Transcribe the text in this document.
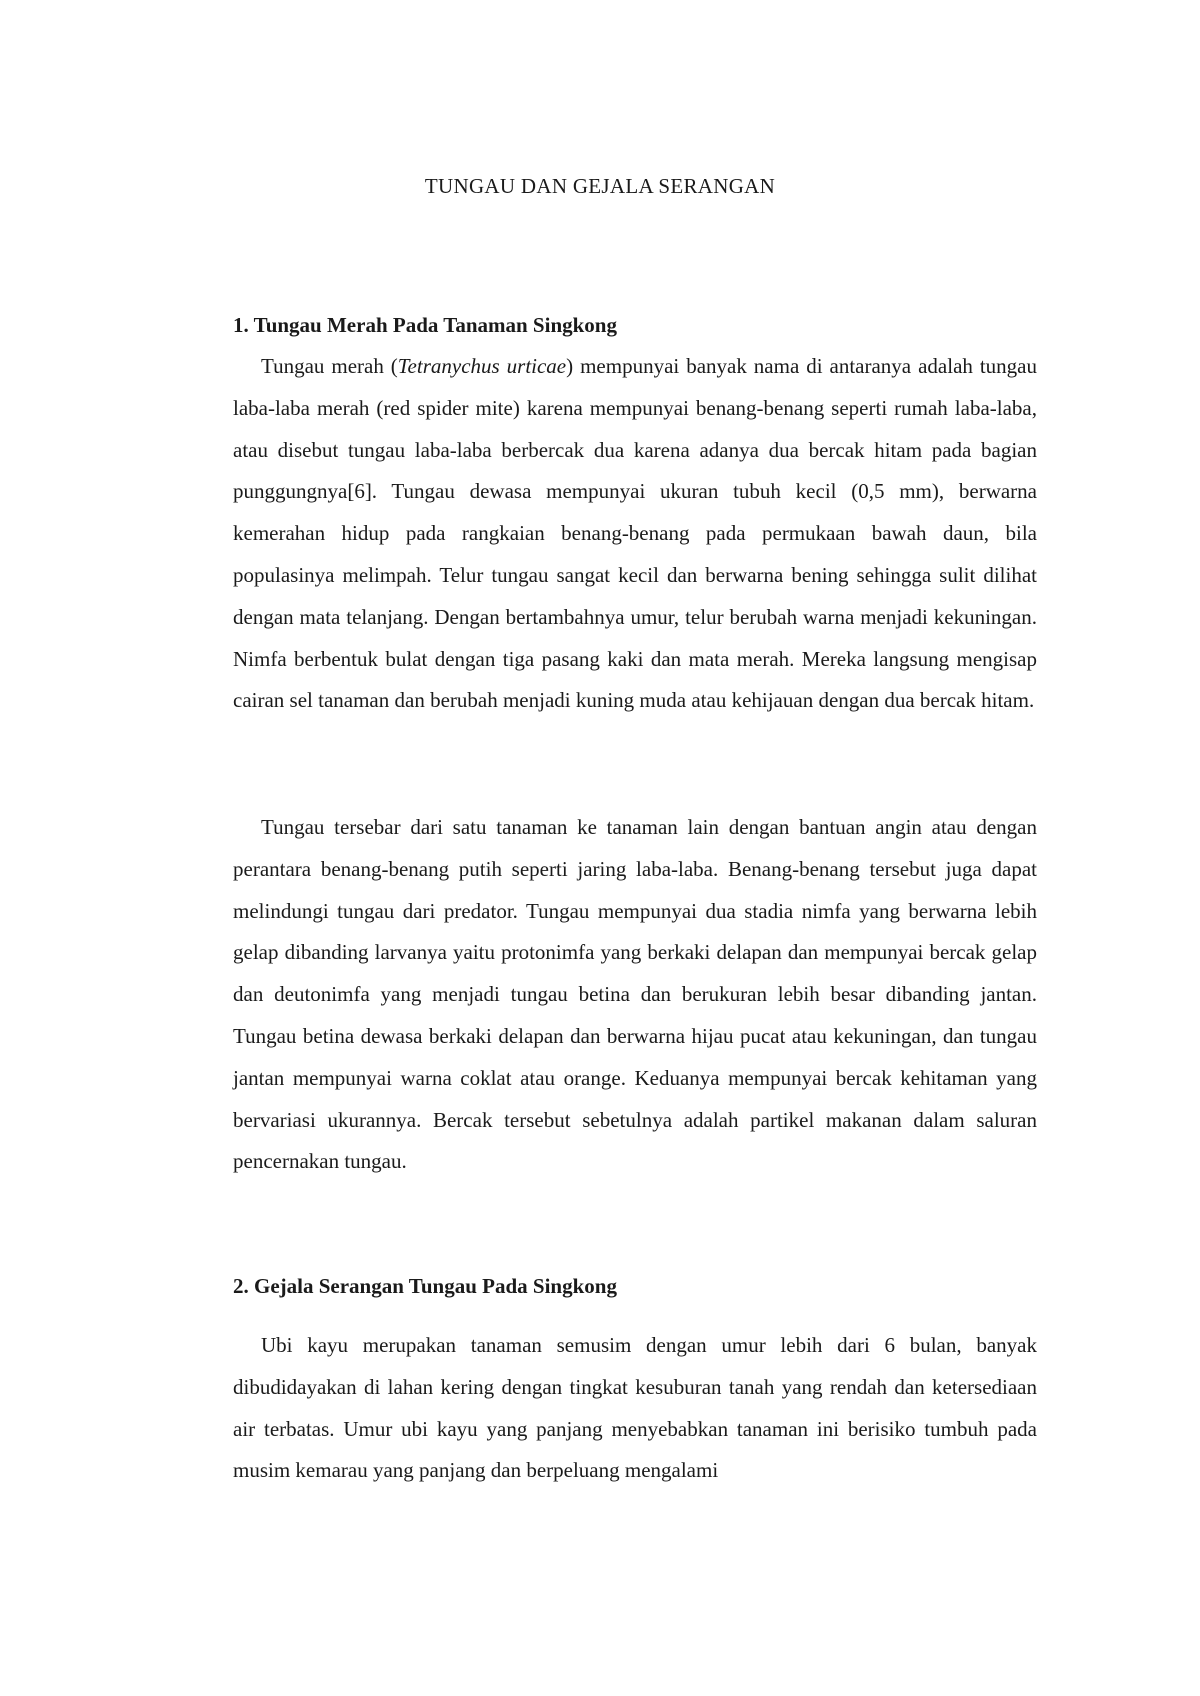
TUNGAU DAN GEJALA SERANGAN
1. Tungau Merah Pada Tanaman Singkong

Tungau merah (Tetranychus urticae) mempunyai banyak nama di antaranya adalah tungau laba-laba merah (red spider mite) karena mempunyai benang-benang seperti rumah laba-laba, atau disebut tungau laba-laba berbercak dua karena adanya dua bercak hitam pada bagian punggungnya[6]. Tungau dewasa mempunyai ukuran tubuh kecil (0,5 mm), berwarna kemerahan hidup pada rangkaian benang-benang pada permukaan bawah daun, bila populasinya melimpah. Telur tungau sangat kecil dan berwarna bening sehingga sulit dilihat dengan mata telanjang. Dengan bertambahnya umur, telur berubah warna menjadi kekuningan. Nimfa berbentuk bulat dengan tiga pasang kaki dan mata merah. Mereka langsung mengisap cairan sel tanaman dan berubah menjadi kuning muda atau kehijauan dengan dua bercak hitam.

Tungau tersebar dari satu tanaman ke tanaman lain dengan bantuan angin atau dengan perantara benang-benang putih seperti jaring laba-laba. Benang-benang tersebut juga dapat melindungi tungau dari predator. Tungau mempunyai dua stadia nimfa yang berwarna lebih gelap dibanding larvanya yaitu protonimfa yang berkaki delapan dan mempunyai bercak gelap dan deutonimfa yang menjadi tungau betina dan berukuran lebih besar dibanding jantan. Tungau betina dewasa berkaki delapan dan berwarna hijau pucat atau kekuningan, dan tungau jantan mempunyai warna coklat atau orange. Keduanya mempunyai bercak kehitaman yang bervariasi ukurannya. Bercak tersebut sebetulnya adalah partikel makanan dalam saluran pencernakan tungau.

2. Gejala Serangan Tungau Pada Singkong

Ubi kayu merupakan tanaman semusim dengan umur lebih dari 6 bulan, banyak dibudidayakan di lahan kering dengan tingkat kesuburan tanah yang rendah dan ketersediaan air terbatas. Umur ubi kayu yang panjang menyebabkan tanaman ini berisiko tumbuh pada musim kemarau yang panjang dan berpeluang mengalami
